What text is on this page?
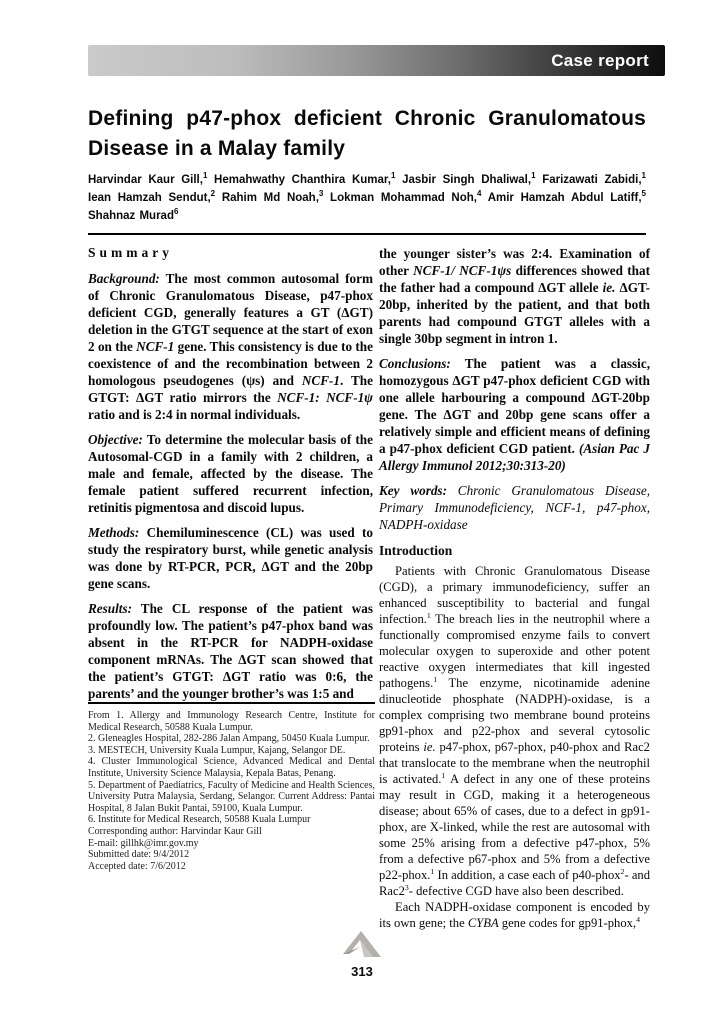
Case report
Defining p47-phox deficient Chronic Granulomatous Disease in a Malay family

Harvindar Kaur Gill,$^1$ Hemahwathy Chanthira Kumar,$^1$ Jasbir Singh Dhaliwal,$^1$ Farizawati Zabidi,$^1$ Iean Hamzah Sendut,$^2$ Rahim Md Noah,$^3$ Lokman Mohammad Noh,$^4$ Amir Hamzah Abdul Latiff,$^5$ Shahnaz Murad$^6$

Summary

Background: The most common autosomal form of Chronic Granulomatous Disease, p47-phox deficient CGD, generally features a GT (ΔGT) deletion in the GTGT sequence at the start of exon 2 on the NCF-1 gene. This consistency is due to the coexistence of and the recombination between 2 homologous pseudogenes (ψs) and NCF-1. The GTGT: ΔGT ratio mirrors the NCF-1: NCF-1ψ ratio and is 2:4 in normal individuals.

Objective: To determine the molecular basis of the Autosomal-CGD in a family with 2 children, a male and female, affected by the disease. The female patient suffered recurrent infection, retinitis pigmentosa and discoid lupus.

Methods: Chemiluminescence (CL) was used to study the respiratory burst, while genetic analysis was done by RT-PCR, PCR, ΔGT and the 20bp gene scans.

Results: The CL response of the patient was profoundly low. The patient’s p47-phox band was absent in the RT-PCR for NADPH-oxidase component mRNAs. The ΔGT scan showed that the patient’s GTGT: ΔGT ratio was 0:6, the parents’ and the younger brother’s was 1:5 and

From 1. Allergy and Immunology Research Centre, Institute for Medical Research, 50588 Kuala Lumpur.
2. Gleneagles Hospital, 282-286 Jalan Ampang, 50450 Kuala Lumpur.
3. MESTECH, University Kuala Lumpur, Kajang, Selangor DE.
4. Cluster Immunological Science, Advanced Medical and Dental Institute, University Science Malaysia, Kepala Batas, Penang.
5. Department of Paediatrics, Faculty of Medicine and Health Sciences, University Putra Malaysia, Serdang, Selangor. Current Address: Pantai Hospital, 8 Jalan Bukit Pantai, 59100, Kuala Lumpur.
6. Institute for Medical Research, 50588 Kuala Lumpur
Corresponding author: Harvindar Kaur Gill
E-mail: gillhk@imr.gov.my
Submitted date: 9/4/2012
Accepted date: 7/6/2012

the younger sister’s was 2:4. Examination of other NCF-1/ NCF-1ψs differences showed that the father had a compound ΔGT allele ie. ΔGT-20bp, inherited by the patient, and that both parents had compound GTGT alleles with a single 30bp segment in intron 1.

Conclusions: The patient was a classic, homozygous ΔGT p47-phox deficient CGD with one allele harbouring a compound ΔGT-20bp gene. The ΔGT and 20bp gene scans offer a relatively simple and efficient means of defining a p47-phox deficient CGD patient. (Asian Pac J Allergy Immunol 2012;30:313-20)

Key words: Chronic Granulomatous Disease, Primary Immunodeficiency, NCF-1, p47-phox, NADPH-oxidase

Introduction

Patients with Chronic Granulomatous Disease (CGD), a primary immunodeficiency, suffer an enhanced susceptibility to bacterial and fungal infection.$^1$ The breach lies in the neutrophil where a functionally compromised enzyme fails to convert molecular oxygen to superoxide and other potent reactive oxygen intermediates that kill ingested pathogens.$^1$ The enzyme, nicotinamide adenine dinucleotide phosphate (NADPH)-oxidase, is a complex comprising two membrane bound proteins gp91-phox and p22-phox and several cytosolic proteins ie. p47-phox, p67-phox, p40-phox and Rac2 that translocate to the membrane when the neutrophil is activated.$^1$ A defect in any one of these proteins may result in CGD, making it a heterogeneous disease; about 65% of cases, due to a defect in gp91-phox, are X-linked, while the rest are autosomal with some 25% arising from a defective p47-phox, 5% from a defective p67-phox and 5% from a defective p22-phox.$^1$ In addition, a case each of p40-phox$^2$- and $Rac2^3-$ defective CGD have also been described.

Each NADPH-oxidase component is encoded by its own gene; the CYBA gene codes for gp91-phox,$^4$

313
